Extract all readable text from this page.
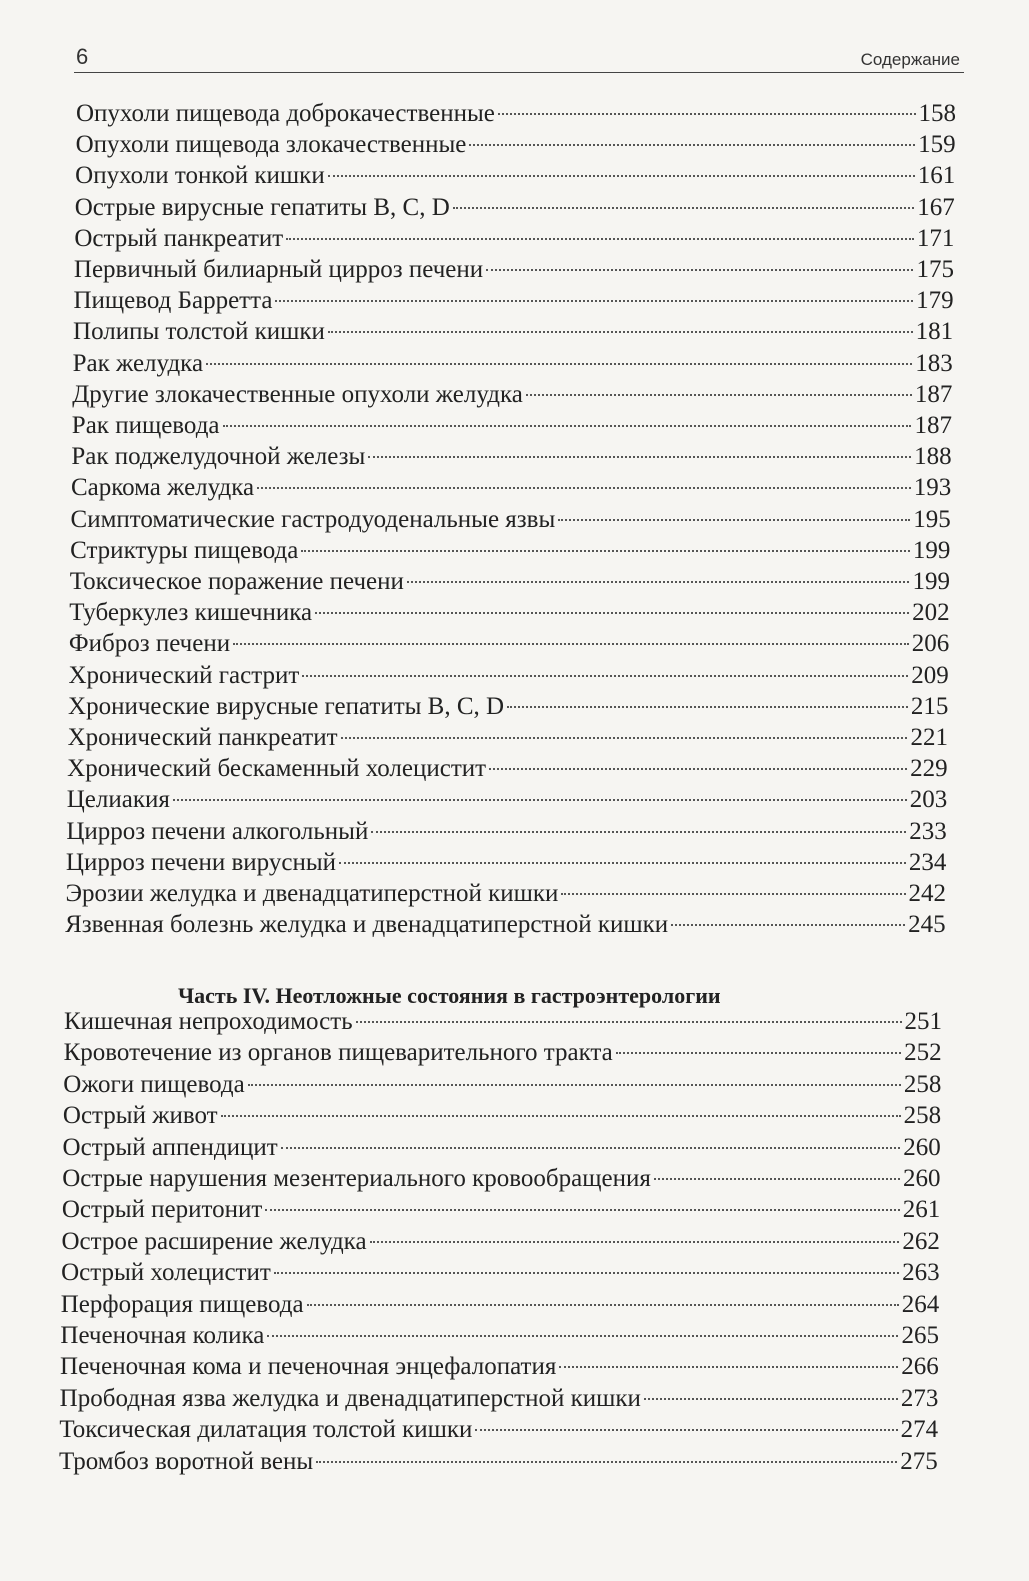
6	Содержание
Опухоли пищевода доброкачественные	158
Опухоли пищевода злокачественные	159
Опухоли тонкой кишки	161
Острые вирусные гепатиты B, C, D	167
Острый панкреатит	171
Первичный билиарный цирроз печени	175
Пищевод Барретта	179
Полипы толстой кишки	181
Рак желудка	183
Другие злокачественные опухоли желудка	187
Рак пищевода	187
Рак поджелудочной железы	188
Саркома желудка	193
Симптоматические гастродуоденальные язвы	195
Стриктуры пищевода	199
Токсическое поражение печени	199
Туберкулез кишечника	202
Фиброз печени	206
Хронический гастрит	209
Хронические вирусные гепатиты B, C, D	215
Хронический панкреатит	221
Хронический бескаменный холецистит	229
Целиакия	203
Цирроз печени алкогольный	233
Цирроз печени вирусный	234
Эрозии желудка и двенадцатиперстной кишки	242
Язвенная болезнь желудка и двенадцатиперстной кишки	245
Часть IV. Неотложные состояния в гастроэнтерологии
Кишечная непроходимость	251
Кровотечение из органов пищеварительного тракта	252
Ожоги пищевода	258
Острый живот	258
Острый аппендицит	260
Острые нарушения мезентериального кровообращения	260
Острый перитонит	261
Острое расширение желудка	262
Острый холецистит	263
Перфорация пищевода	264
Печеночная колика	265
Печеночная кома и печеночная энцефалопатия	266
Прободная язва желудка и двенадцатиперстной кишки	273
Токсическая дилатация толстой кишки	274
Тромбоз воротной вены	275
